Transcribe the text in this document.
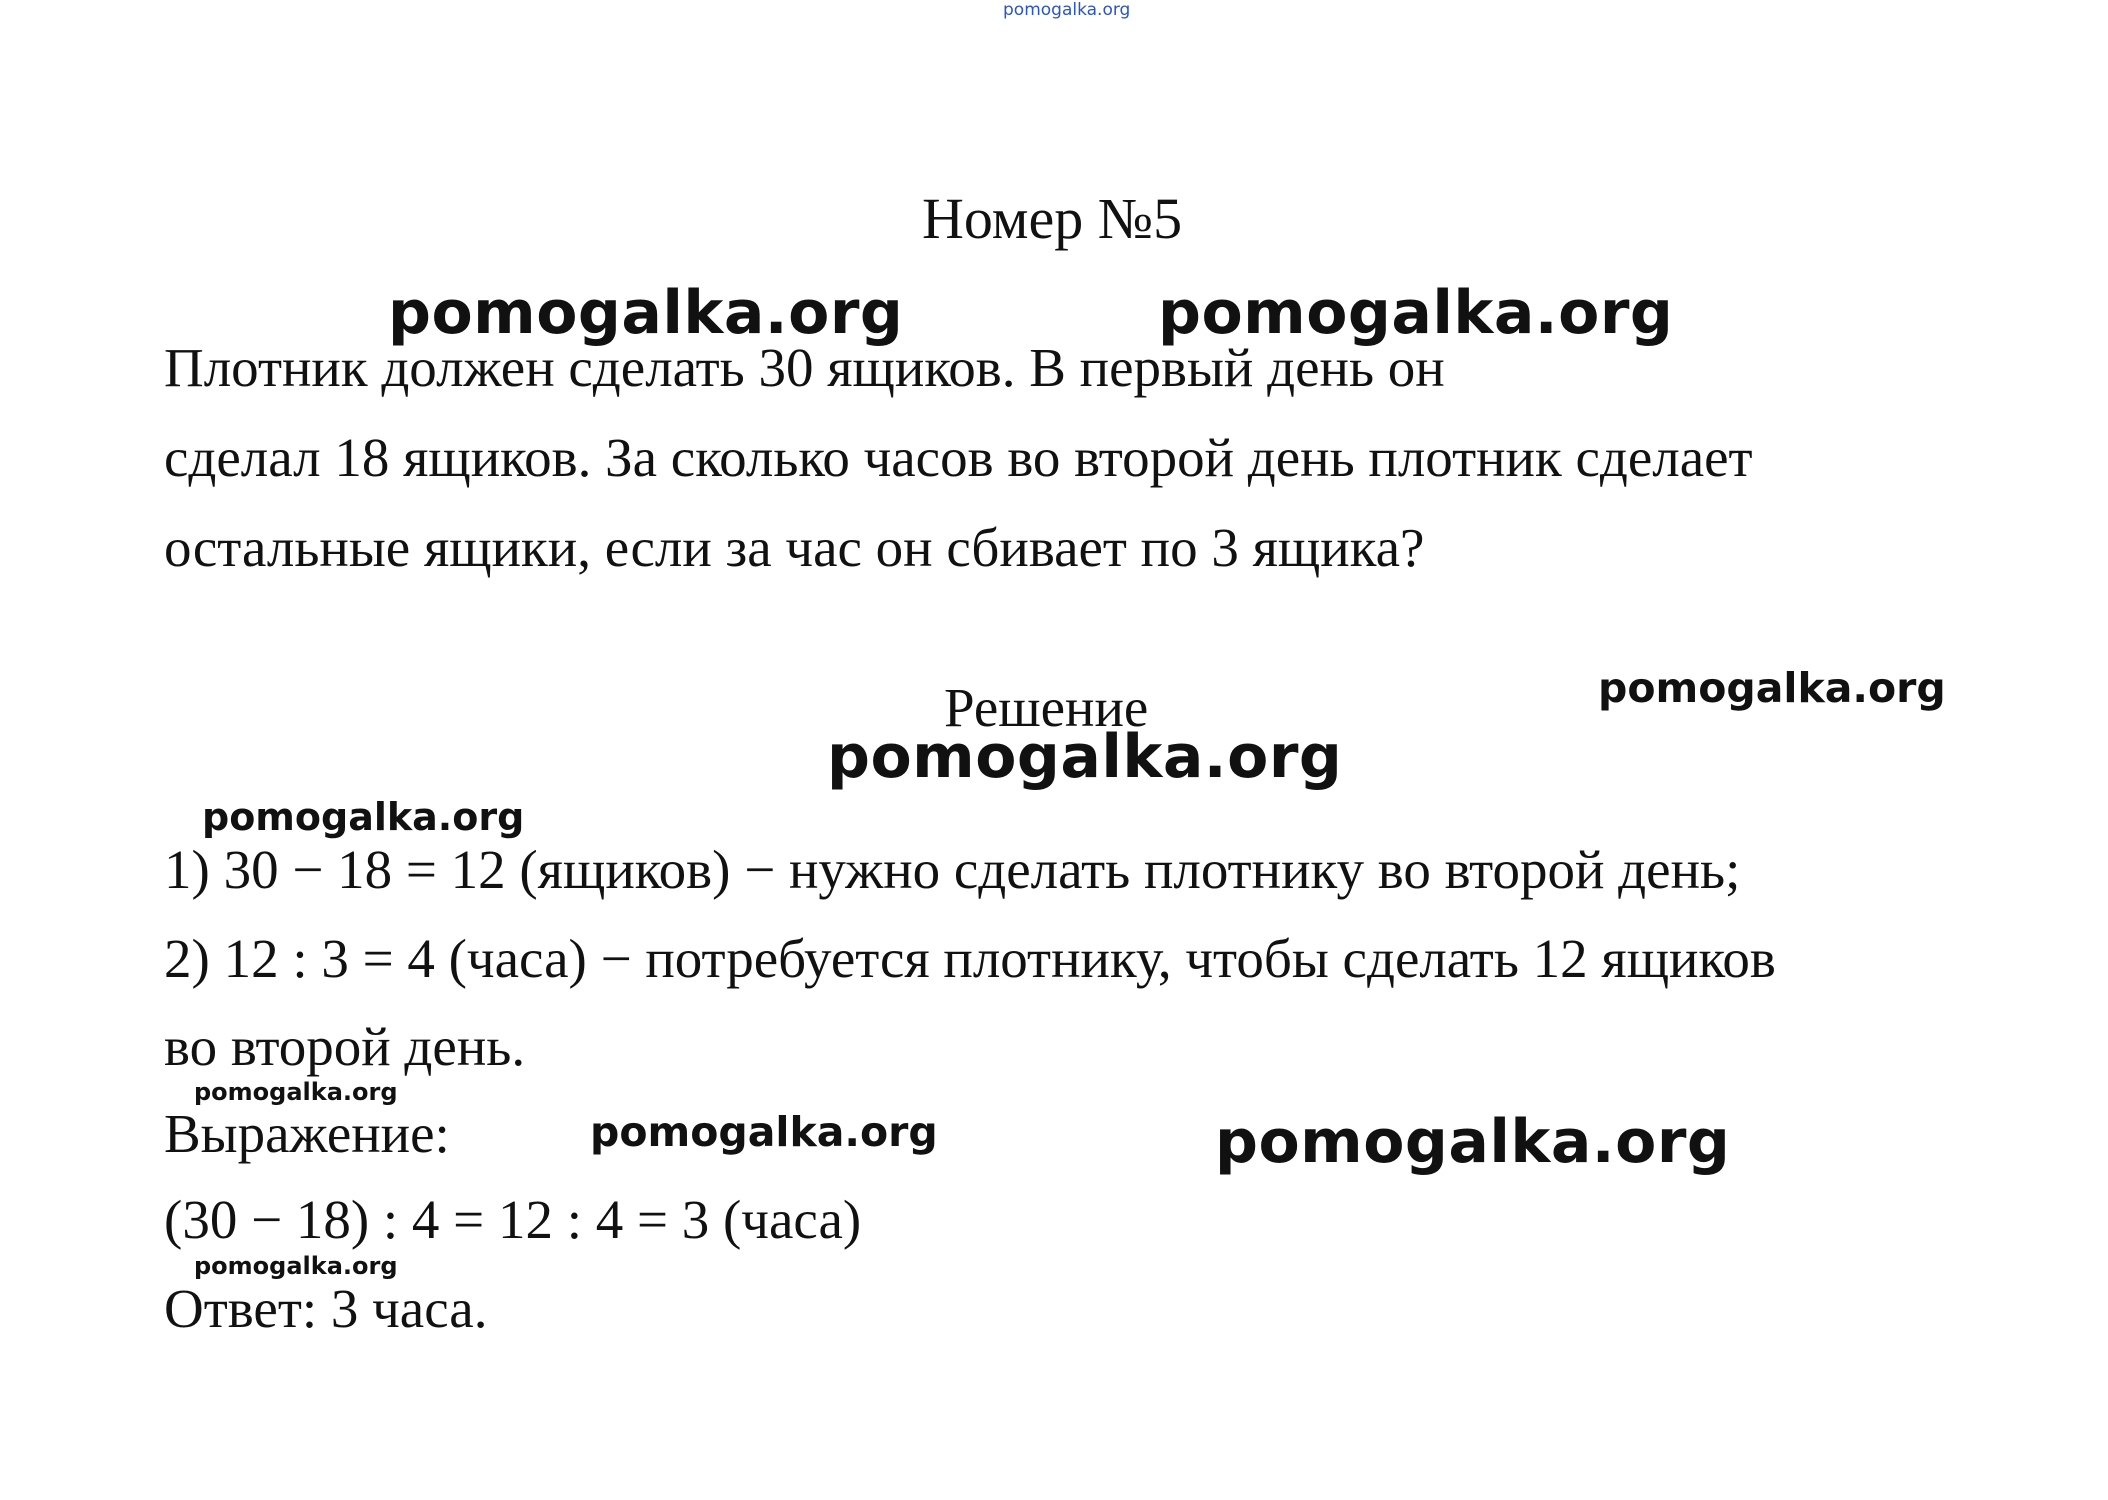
pomogalka.org
Номер №5
pomogalka.org	pomogalka.org
Плотник должен сделать 30 ящиков. В первый день он
сделал 18 ящиков. За сколько часов во второй день плотник сделает
остальные ящики, если за час он сбивает по 3 ящика?
Решение	pomogalka.org
pomogalka.org
pomogalka.org
1) 30 − 18 = 12 (ящиков) − нужно сделать плотнику во второй день;
2) 12 : 3 = 4 (часа) − потребуется плотнику, чтобы сделать 12 ящиков
во второй день.
pomogalka.org
Выражение:	pomogalka.org	pomogalka.org
(30 − 18) : 4 = 12 : 4 = 3 (часа)
pomogalka.org
Ответ: 3 часа.
